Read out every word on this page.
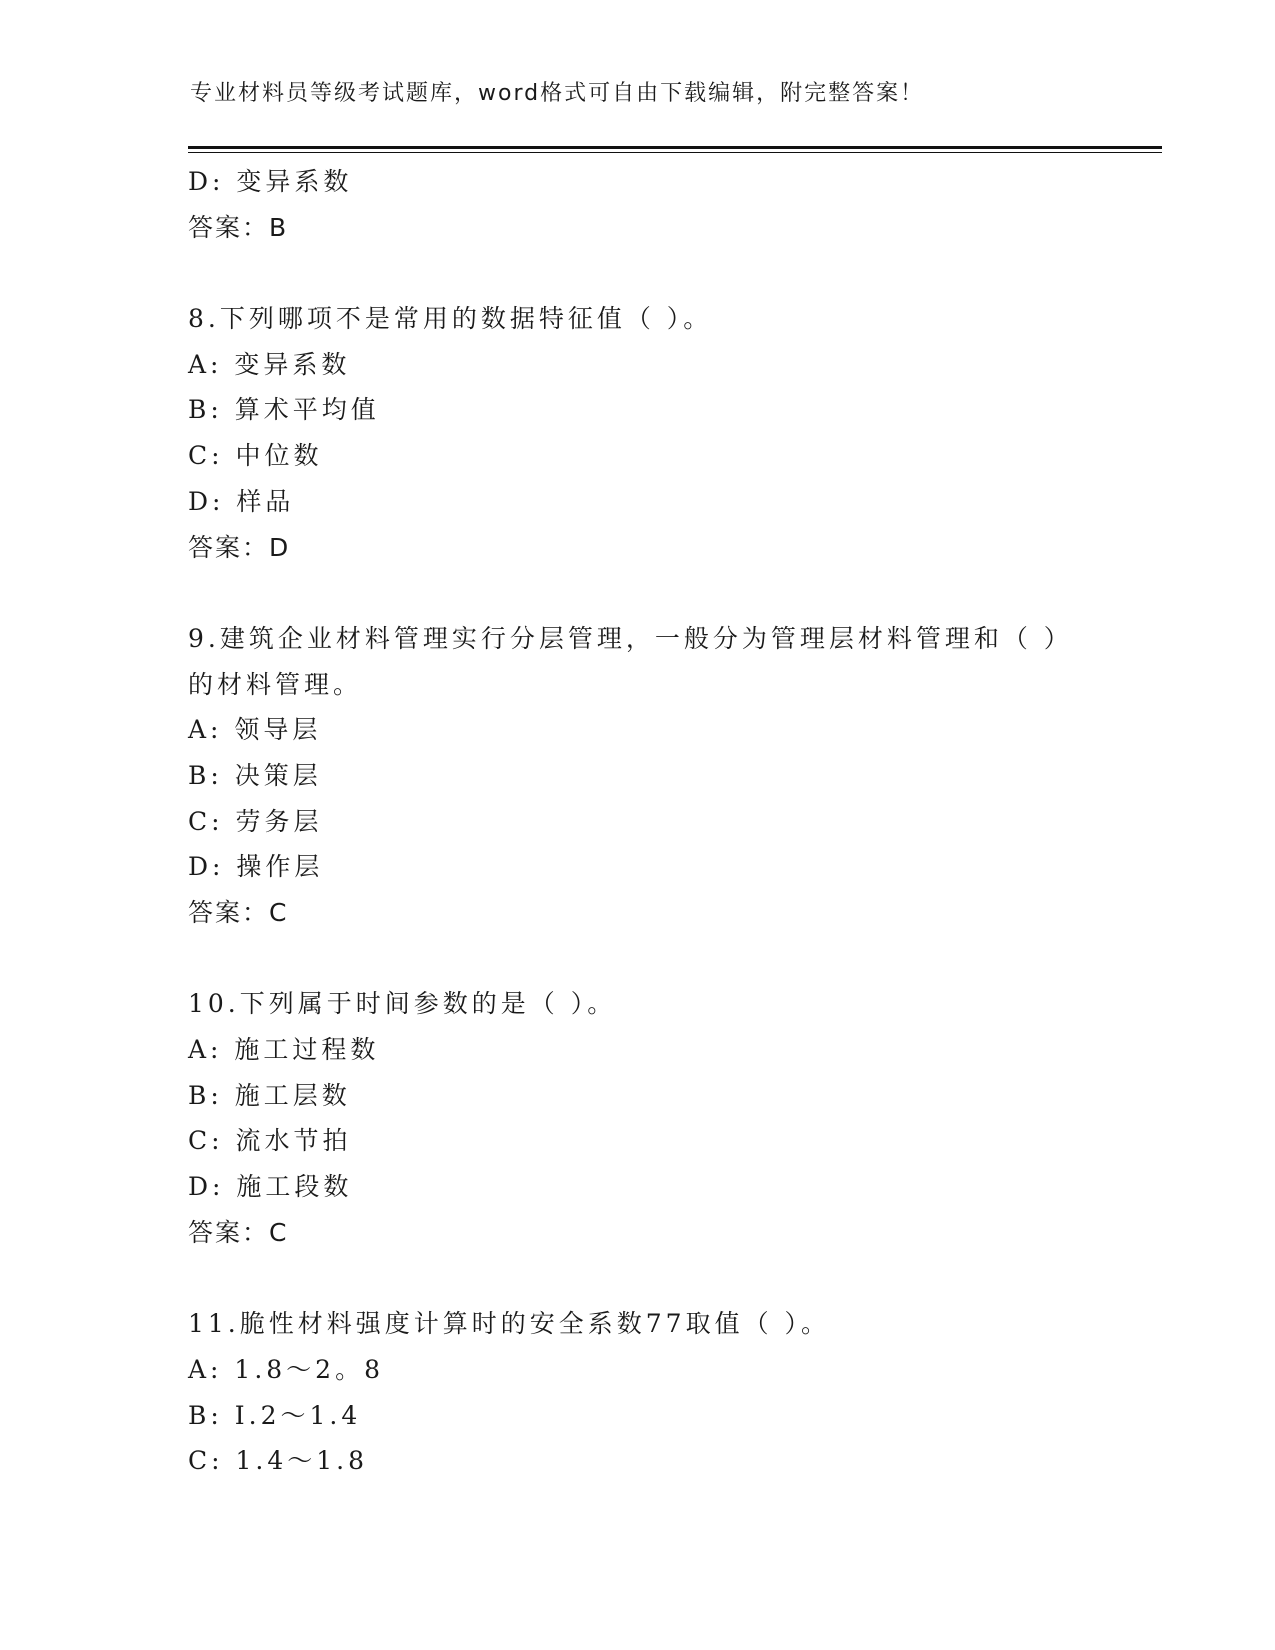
专业材料员等级考试题库，word格式可自由下载编辑，附完整答案！
D: 变异系数
答案：B
8.下列哪项不是常用的数据特征值（ ）。
A: 变异系数
B: 算术平均值
C: 中位数
D: 样品
答案：D
9.建筑企业材料管理实行分层管理，一般分为管理层材料管理和（ ）
的材料管理。
A: 领导层
B: 决策层
C: 劳务层
D: 操作层
答案：C
10.下列属于时间参数的是（ ）。
A: 施工过程数
B: 施工层数
C: 流水节拍
D: 施工段数
答案：C
11.脆性材料强度计算时的安全系数77取值（ ）。
A: 1.8～2。8
B: I.2～1.4
C: 1.4～1.8
